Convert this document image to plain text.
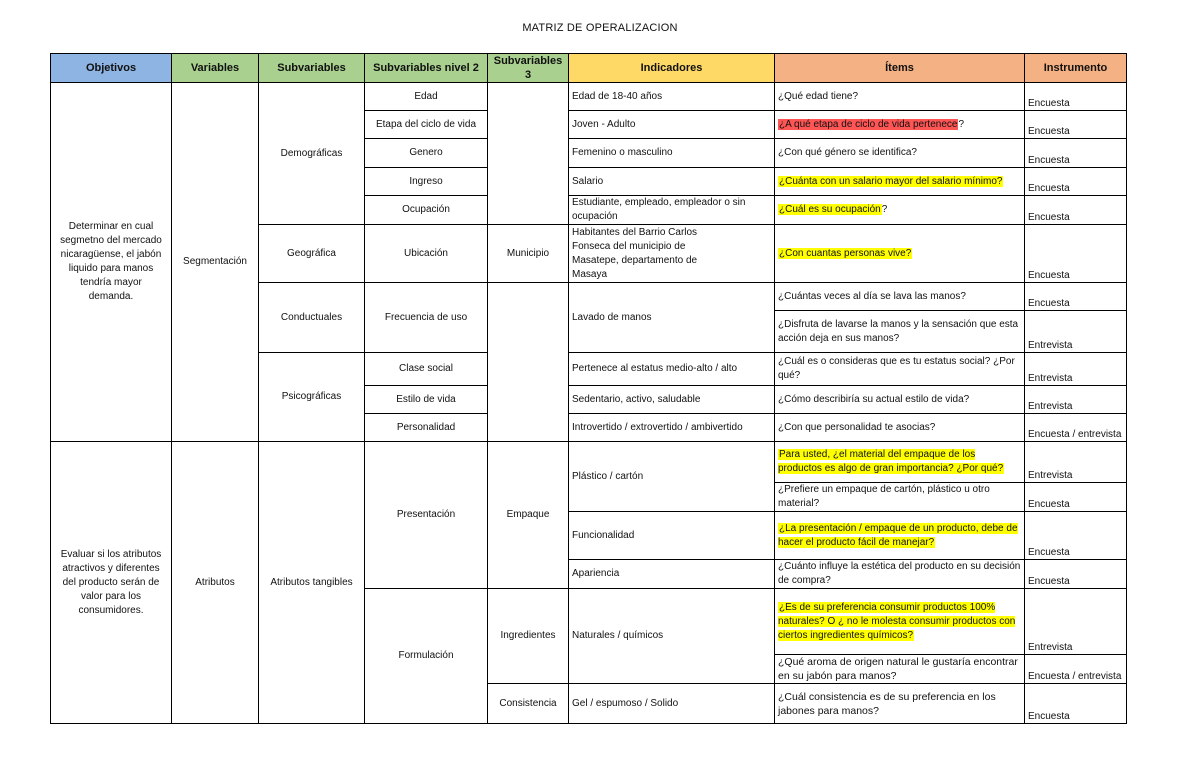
MATRIZ DE OPERALIZACION
Objetivos	Variables	Subvariables	Subvariables nivel 2	Subvariables 3	Indicadores	Ítems	Instrumento
Determinar en cual segmetno del mercado nicaragüense, el jabón liquido para manos tendría mayor demanda.	Segmentación	Demográficas	Edad		Edad de 18-40 años	¿Qué edad tiene?	Encuesta

			Etapa del ciclo de vida		Joven - Adulto	¿A qué etapa de ciclo de vida pertenece?	Encuesta

			Genero		Femenino o masculino	¿Con qué género se identifica?	Encuesta

			Ingreso		Salario	¿Cuánta con un salario mayor del salario mínimo?	Encuesta

			Ocupación		Estudiante, empleado, empleador o sin ocupación	¿Cuál es su ocupación?	Encuesta

		Geográfica	Ubicación	Municipio	Habitantes del Barrio Carlos Fonseca del municipio de Masatepe, departamento de Masaya	¿Con cuantas personas vive?	Encuesta

		Conductuales	Frecuencia de uso		Lavado de manos	¿Cuántas veces al día se lava las manos?	Encuesta

						¿Disfruta de lavarse la manos y la sensación que esta acción deja en sus manos?	Entrevista

		Psicográficas	Clase social		Pertenece al estatus medio-alto / alto	¿Cuál es o consideras que es tu estatus social? ¿Por qué?	Entrevista

			Estilo de vida		Sedentario, activo, saludable	¿Cómo describiría su actual estilo de vida?	Entrevista

			Personalidad		Introvertido / extrovertido / ambivertido	¿Con que personalidad te asocias?	Encuesta / entrevista

Evaluar si los atributos atractivos y diferentes del producto serán de valor para los consumidores.	Atributos	Atributos tangibles	Presentación	Empaque	Plástico / cartón	Para usted, ¿el material del empaque de los productos es algo de gran importancia? ¿Por qué?	Entrevista

						¿Prefiere un empaque de cartón, plástico u otro material?	Encuesta

					Funcionalidad	¿La presentación / empaque de un producto, debe de hacer el producto fácil de manejar?	Encuesta

					Apariencia	¿Cuánto influye la estética del producto en su decisión de compra?	Encuesta

			Formulación	Ingredientes	Naturales / químicos	¿Es de su preferencia consumir productos 100% naturales? O ¿ no le molesta consumir productos con ciertos ingredientes químicos?	Entrevista

						¿Qué aroma de origen natural le gustaría encontrar en su jabón para manos?	Encuesta / entrevista

				Consistencia	Gel / espumoso / Solido	¿Cuál consistencia es de su preferencia en los jabones para manos?	Encuesta
